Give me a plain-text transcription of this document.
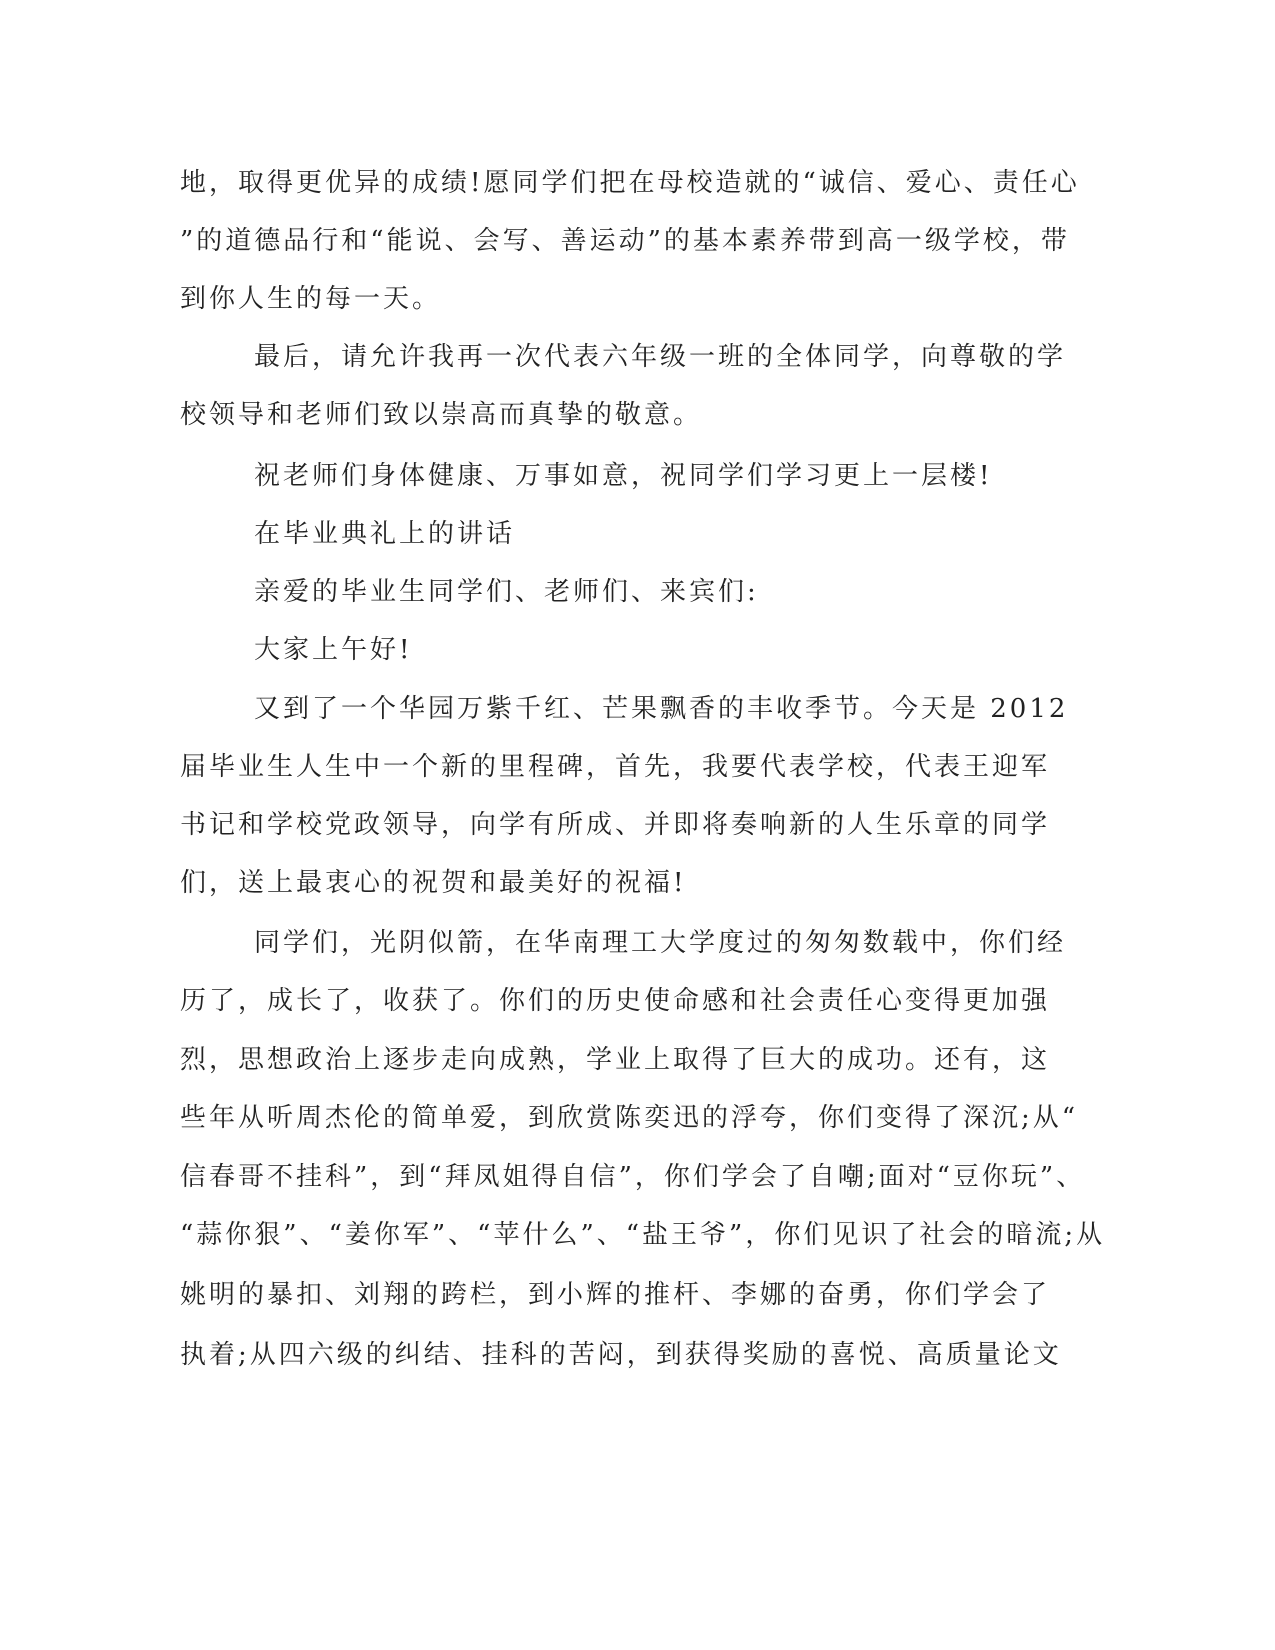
地，取得更优异的成绩!愿同学们把在母校造就的“诚信、爱心、责任心
”的道德品行和“能说、会写、善运动”的基本素养带到高一级学校，带
到你人生的每一天。
最后，请允许我再一次代表六年级一班的全体同学，向尊敬的学
校领导和老师们致以崇高而真挚的敬意。
祝老师们身体健康、万事如意，祝同学们学习更上一层楼!
在毕业典礼上的讲话
亲爱的毕业生同学们、老师们、来宾们:
大家上午好!
又到了一个华园万紫千红、芒果飘香的丰收季节。今天是 2012
届毕业生人生中一个新的里程碑，首先，我要代表学校，代表王迎军
书记和学校党政领导，向学有所成、并即将奏响新的人生乐章的同学
们，送上最衷心的祝贺和最美好的祝福!
同学们，光阴似箭，在华南理工大学度过的匆匆数载中，你们经
历了，成长了，收获了。你们的历史使命感和社会责任心变得更加强
烈，思想政治上逐步走向成熟，学业上取得了巨大的成功。还有，这
些年从听周杰伦的简单爱，到欣赏陈奕迅的浮夸，你们变得了深沉;从“
信春哥不挂科”，到“拜凤姐得自信”，你们学会了自嘲;面对“豆你玩”、
“蒜你狠”、“姜你军”、“苹什么”、“盐王爷”，你们见识了社会的暗流;从
姚明的暴扣、刘翔的跨栏，到小辉的推杆、李娜的奋勇，你们学会了
执着;从四六级的纠结、挂科的苦闷，到获得奖励的喜悦、高质量论文
